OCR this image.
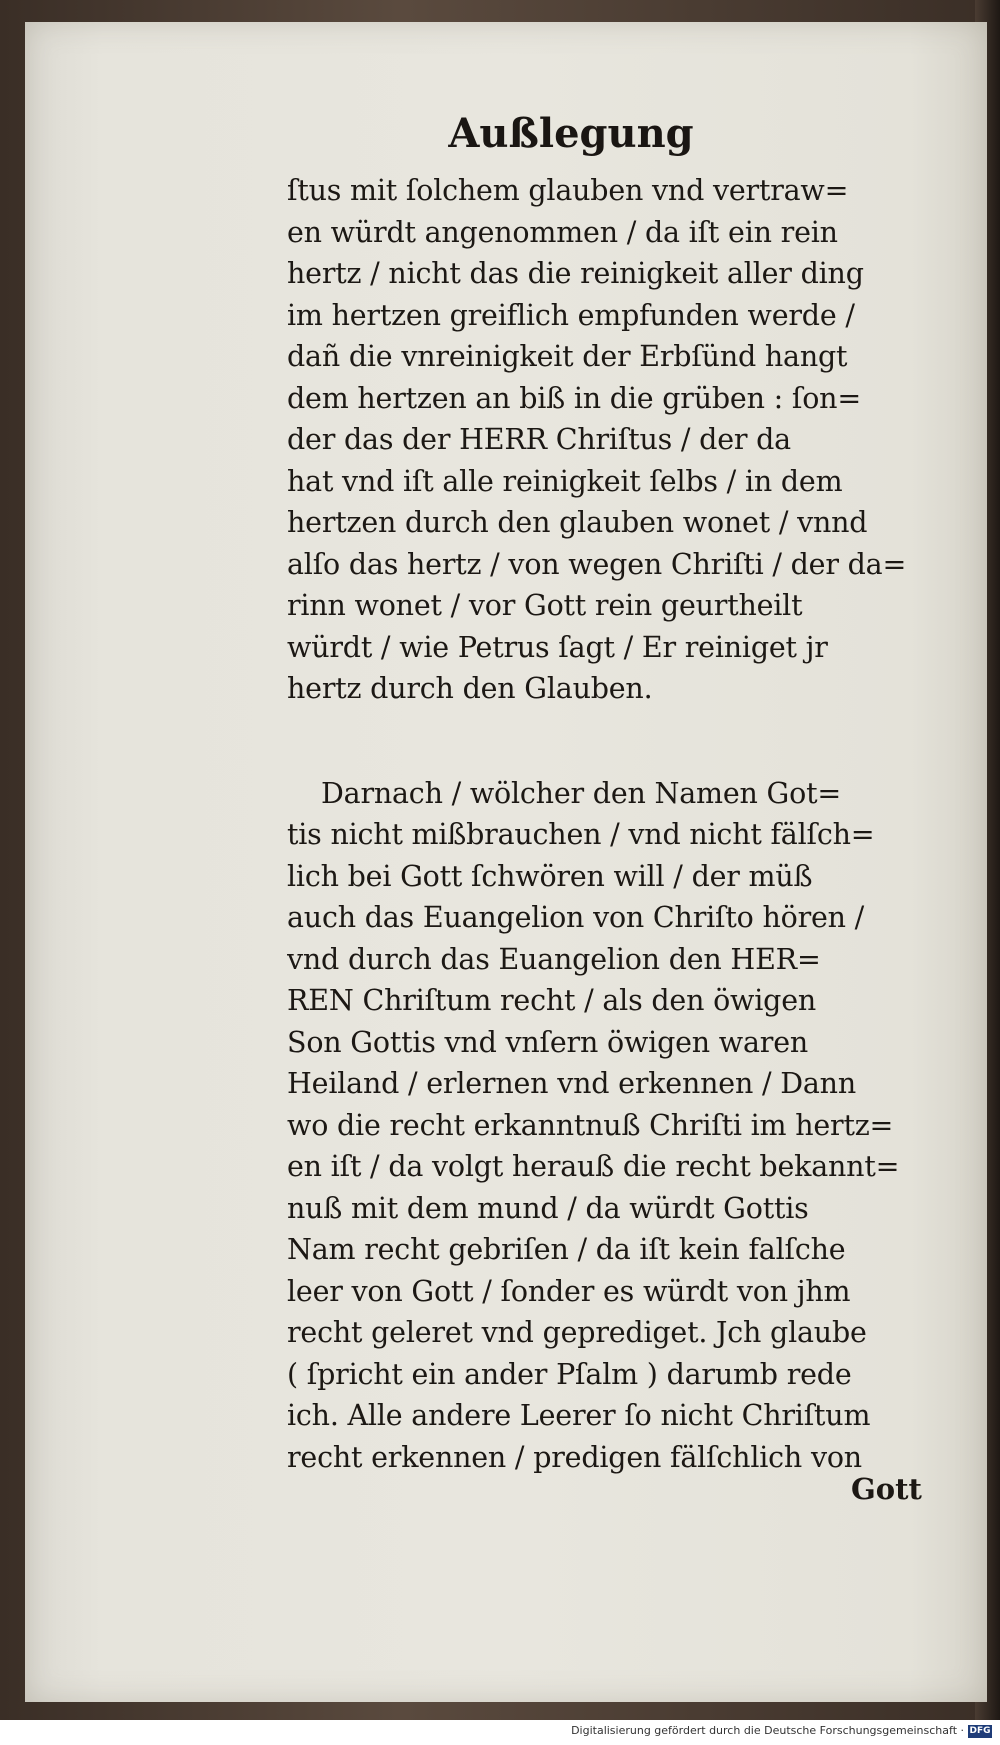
Außlegung
ſtus mit ſolchem glauben vnd vertraw=
en würdt angenommen / da iſt ein rein
hertz / nicht das die reinigkeit aller ding
im hertzen greiflich empfunden werde /
dañ die vnreinigkeit der Erbſünd hangt
dem hertzen an biß in die grüben : ſon=
der das der HERR Chriſtus / der da
hat vnd iſt alle reinigkeit ſelbs / in dem
hertzen durch den glauben wonet / vnnd
alſo das hertz / von wegen Chriſti / der da=
rinn wonet / vor Gott rein geurtheilt
würdt / wie Petrus ſagt / Er reiniget jr
hertz durch den Glauben.
Darnach / wölcher den Namen Got=
tis nicht mißbrauchen / vnd nicht fälſch=
lich bei Gott ſchwören will / der müß
auch das Euangelion von Chriſto hören /
vnd durch das Euangelion den HER=
REN Chriſtum recht / als den öwigen
Son Gottis vnd vnſern öwigen waren
Heiland / erlernen vnd erkennen / Dann
wo die recht erkanntnuß Chriſti im hertz=
en iſt / da volgt herauß die recht bekannt=
nuß mit dem mund / da würdt Gottis
Nam recht gebriſen / da iſt kein falſche
leer von Gott / ſonder es würdt von jhm
recht geleret vnd geprediget. Jch glaube
( ſpricht ein ander Pſalm ) darumb rede
ich. Alle andere Leerer ſo nicht Chriſtum
recht erkennen / predigen fälſchlich von
Gott
Digitalisierung gefördert durch die Deutsche Forschungsgemeinschaft · DFG
